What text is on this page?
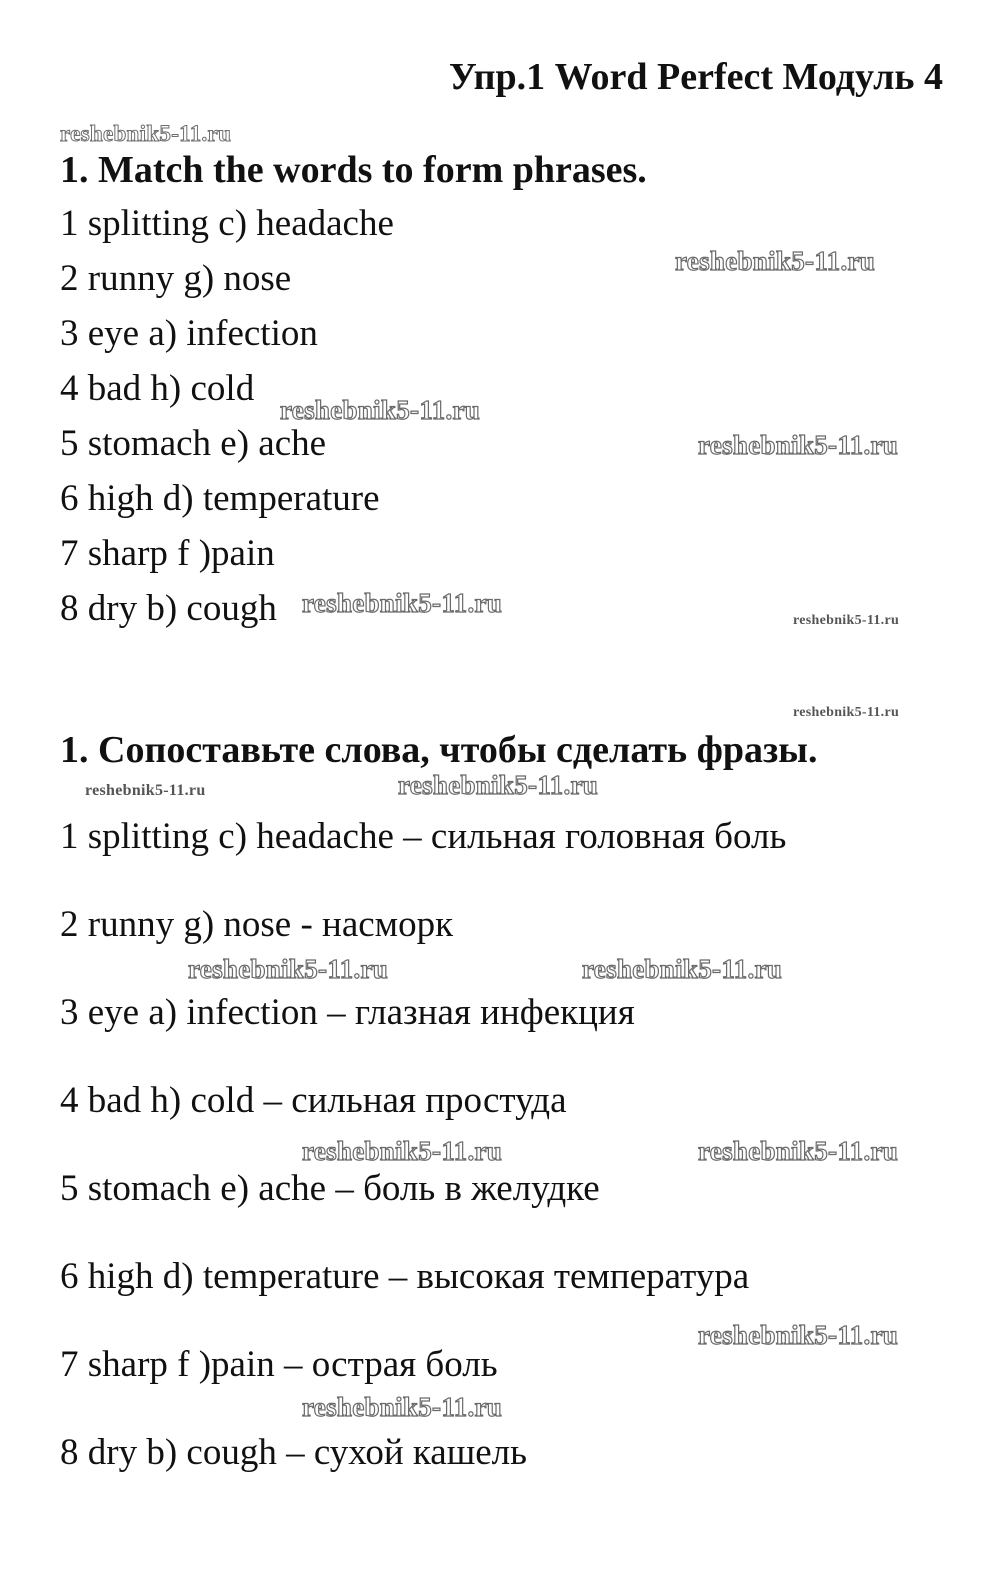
Упр.1 Word Perfect Модуль 4
1. Match the words to form phrases.
1 splitting c) headache
2 runny g) nose
3 eye a) infection
4 bad h) cold
5 stomach e) ache
6 high d) temperature
7 sharp f )pain
8 dry b) cough
1. Сопоставьте слова, чтобы сделать фразы.
1 splitting c) headache – сильная головная боль
2 runny g) nose - насморк
3 eye a) infection – глазная инфекция
4 bad h) cold – сильная простуда
5 stomach e) ache – боль в желудке
6 high d) temperature – высокая температура
7 sharp f )pain – острая боль
8 dry b) cough – сухой кашель
reshebnik5-11.ru
reshebnik5-11.ru
reshebnik5-11.ru
reshebnik5-11.ru
reshebnik5-11.ru
reshebnik5-11.ru
reshebnik5-11.ru
reshebnik5-11.ru	reshebnik5-11.ru
reshebnik5-11.ru	reshebnik5-11.ru
reshebnik5-11.ru	reshebnik5-11.ru
reshebnik5-11.ru
reshebnik5-11.ru
